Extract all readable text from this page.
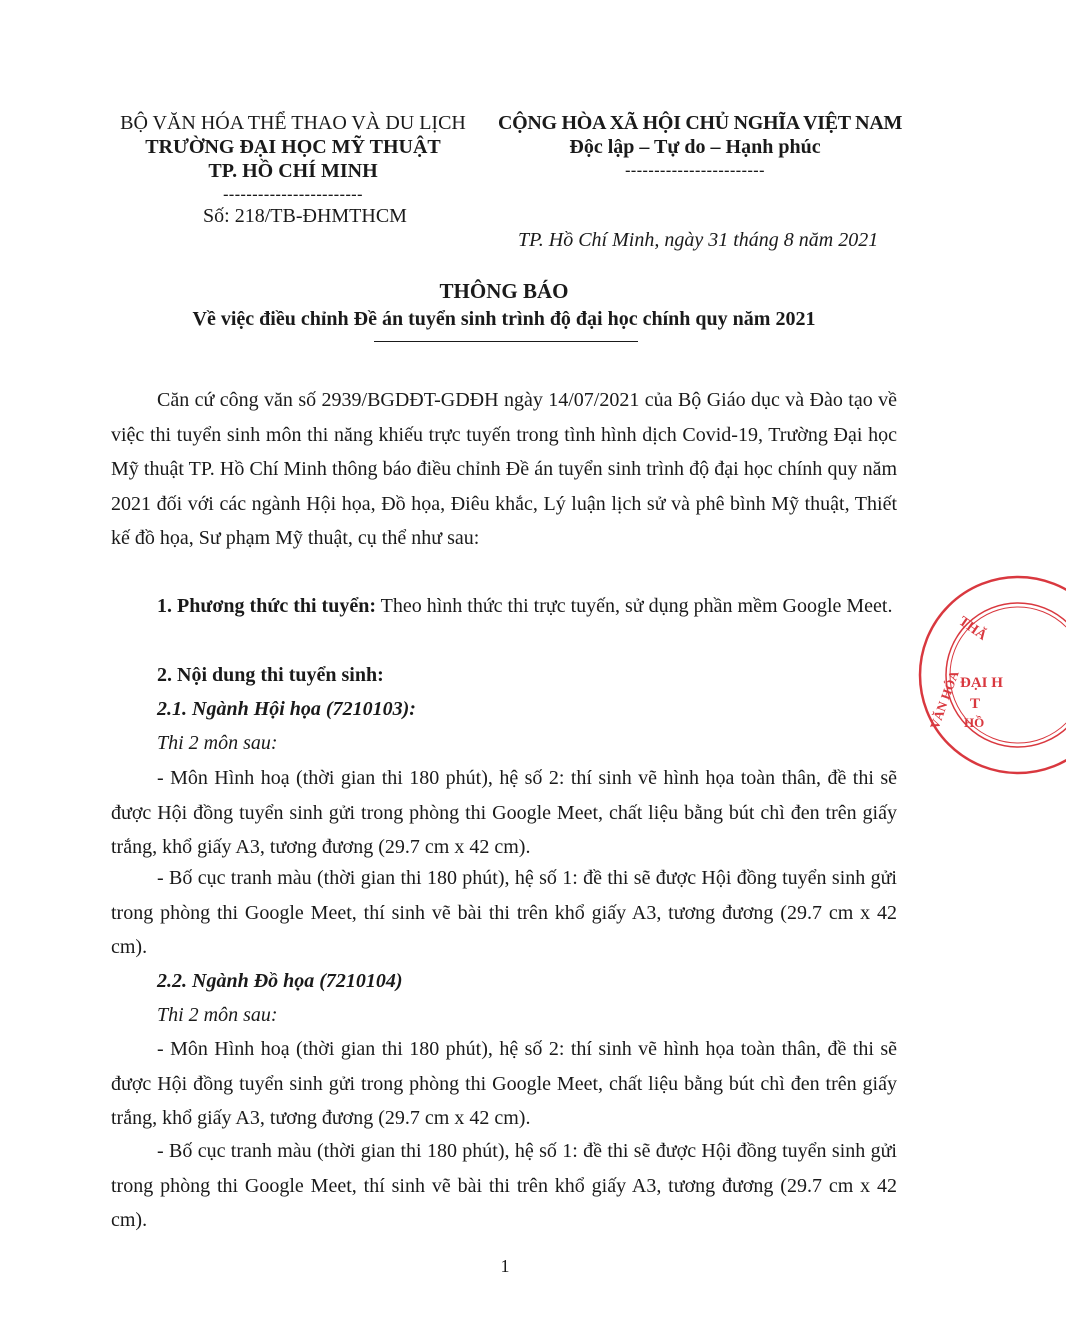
BỘ VĂN HÓA THỂ THAO VÀ DU LỊCH
TRƯỜNG ĐẠI HỌC MỸ THUẬT
TP. HỒ CHÍ MINH
------------------------
Số: 218/TB-ĐHMTHCM
CỘNG HÒA XÃ HỘI CHỦ NGHĨA VIỆT NAM
Độc lập – Tự do – Hạnh phúc
------------------------
TP. Hồ Chí Minh, ngày 31 tháng 8 năm 2021
THÔNG BÁO
Về việc điều chỉnh Đề án tuyển sinh trình độ đại học chính quy năm 2021
Căn cứ công văn số 2939/BGDĐT-GDĐH ngày 14/07/2021 của Bộ Giáo dục và Đào tạo về việc thi tuyển sinh môn thi năng khiếu trực tuyến trong tình hình dịch Covid-19, Trường Đại học Mỹ thuật TP. Hồ Chí Minh thông báo điều chỉnh Đề án tuyển sinh trình độ đại học chính quy năm 2021 đối với các ngành Hội họa, Đồ họa, Điêu khắc, Lý luận lịch sử và phê bình Mỹ thuật, Thiết kế đồ họa, Sư phạm Mỹ thuật, cụ thể như sau:
1. Phương thức thi tuyển: Theo hình thức thi trực tuyến, sử dụng phần mềm Google Meet.
2. Nội dung thi tuyển sinh:
2.1. Ngành Hội họa (7210103):
Thi 2 môn sau:
- Môn Hình hoạ (thời gian thi 180 phút), hệ số 2: thí sinh vẽ hình họa toàn thân, đề thi sẽ được Hội đồng tuyển sinh gửi trong phòng thi Google Meet, chất liệu bằng bút chì đen trên giấy trắng, khổ giấy A3, tương đương (29.7 cm x 42 cm).
- Bố cục tranh màu (thời gian thi 180 phút), hệ số 1: đề thi sẽ được Hội đồng tuyển sinh gửi trong phòng thi Google Meet, thí sinh vẽ bài thi trên khổ giấy A3, tương đương (29.7 cm x 42 cm).
2.2. Ngành Đồ họa (7210104)
Thi 2 môn sau:
- Môn Hình hoạ (thời gian thi 180 phút), hệ số 2: thí sinh vẽ hình họa toàn thân, đề thi sẽ được Hội đồng tuyển sinh gửi trong phòng thi Google Meet, chất liệu bằng bút chì đen trên giấy trắng, khổ giấy A3, tương đương (29.7 cm x 42 cm).
- Bố cục tranh màu (thời gian thi 180 phút), hệ số 1: đề thi sẽ được Hội đồng tuyển sinh gửi trong phòng thi Google Meet, thí sinh vẽ bài thi trên khổ giấy A3, tương đương (29.7 cm x 42 cm).
1
THĂ
VĂN HÓA
ĐẠI H
T
HỒ
